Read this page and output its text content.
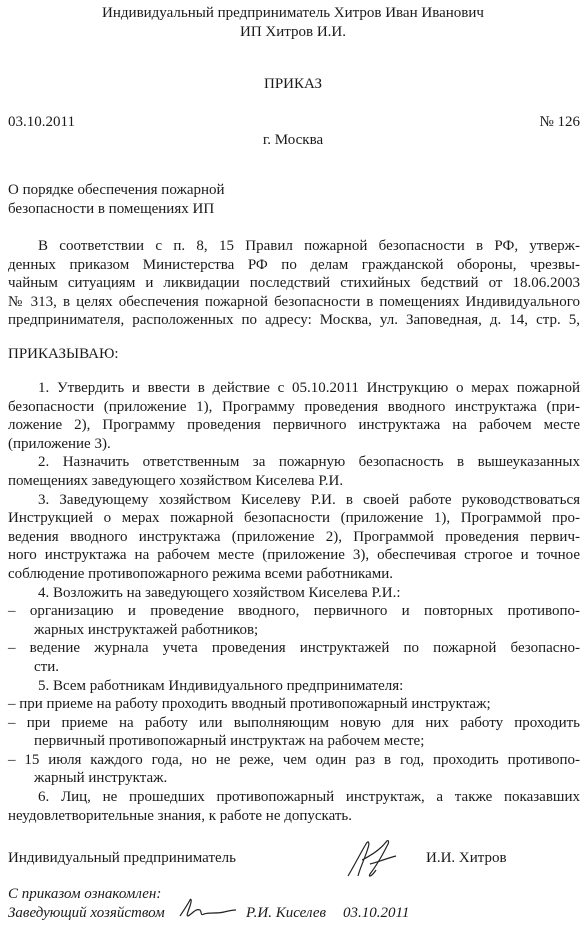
Индивидуальный предприниматель Хитров Иван Иванович
ИП Хитров И.И.
ПРИКАЗ
03.10.2011	№ 126
г. Москва
О порядке обеспечения пожарной
безопасности в помещениях ИП
В соответствии с п. 8, 15 Правил пожарной безопасности в РФ, утверж-
денных приказом Министерства РФ по делам гражданской обороны, чрезвы-
чайным ситуациям и ликвидации последствий стихийных бедствий от 18.06.2003
№ 313, в целях обеспечения пожарной безопасности в помещениях Индивидуального
предпринимателя, расположенных по адресу: Москва, ул. Заповедная, д. 14, стр. 5,
ПРИКАЗЫВАЮ:
1. Утвердить и ввести в действие с 05.10.2011 Инструкцию о мерах пожарной
безопасности (приложение 1), Программу проведения вводного инструктажа (при-
ложение 2), Программу проведения первичного инструктажа на рабочем месте
(приложение 3).
2. Назначить ответственным за пожарную безопасность в вышеуказанных
помещениях заведующего хозяйством Киселева Р.И.
3. Заведующему хозяйством Киселеву Р.И. в своей работе руководствоваться
Инструкцией о мерах пожарной безопасности (приложение 1), Программой про-
ведения вводного инструктажа (приложение 2), Программой проведения первич-
ного инструктажа на рабочем месте (приложение 3), обеспечивая строгое и точное
соблюдение противопожарного режима всеми работниками.
4. Возложить на заведующего хозяйством Киселева Р.И.:
– организацию и проведение вводного, первичного и повторных противопо-
жарных инструктажей работников;
– ведение журнала учета проведения инструктажей по пожарной безопасно-
сти.
5. Всем работникам Индивидуального предпринимателя:
– при приеме на работу проходить вводный противопожарный инструктаж;
– при приеме на работу или выполняющим новую для них работу проходить
первичный противопожарный инструктаж на рабочем месте;
– 15 июля каждого года, но не реже, чем один раз в год, проходить противопо-
жарный инструктаж.
6. Лиц, не прошедших противопожарный инструктаж, а также показавших
неудовлетворительные знания, к работе не допускать.
Индивидуальный предприниматель	И.И. Хитров
С приказом ознакомлен:
Заведующий хозяйством	Р.И. Киселев 03.10.2011
